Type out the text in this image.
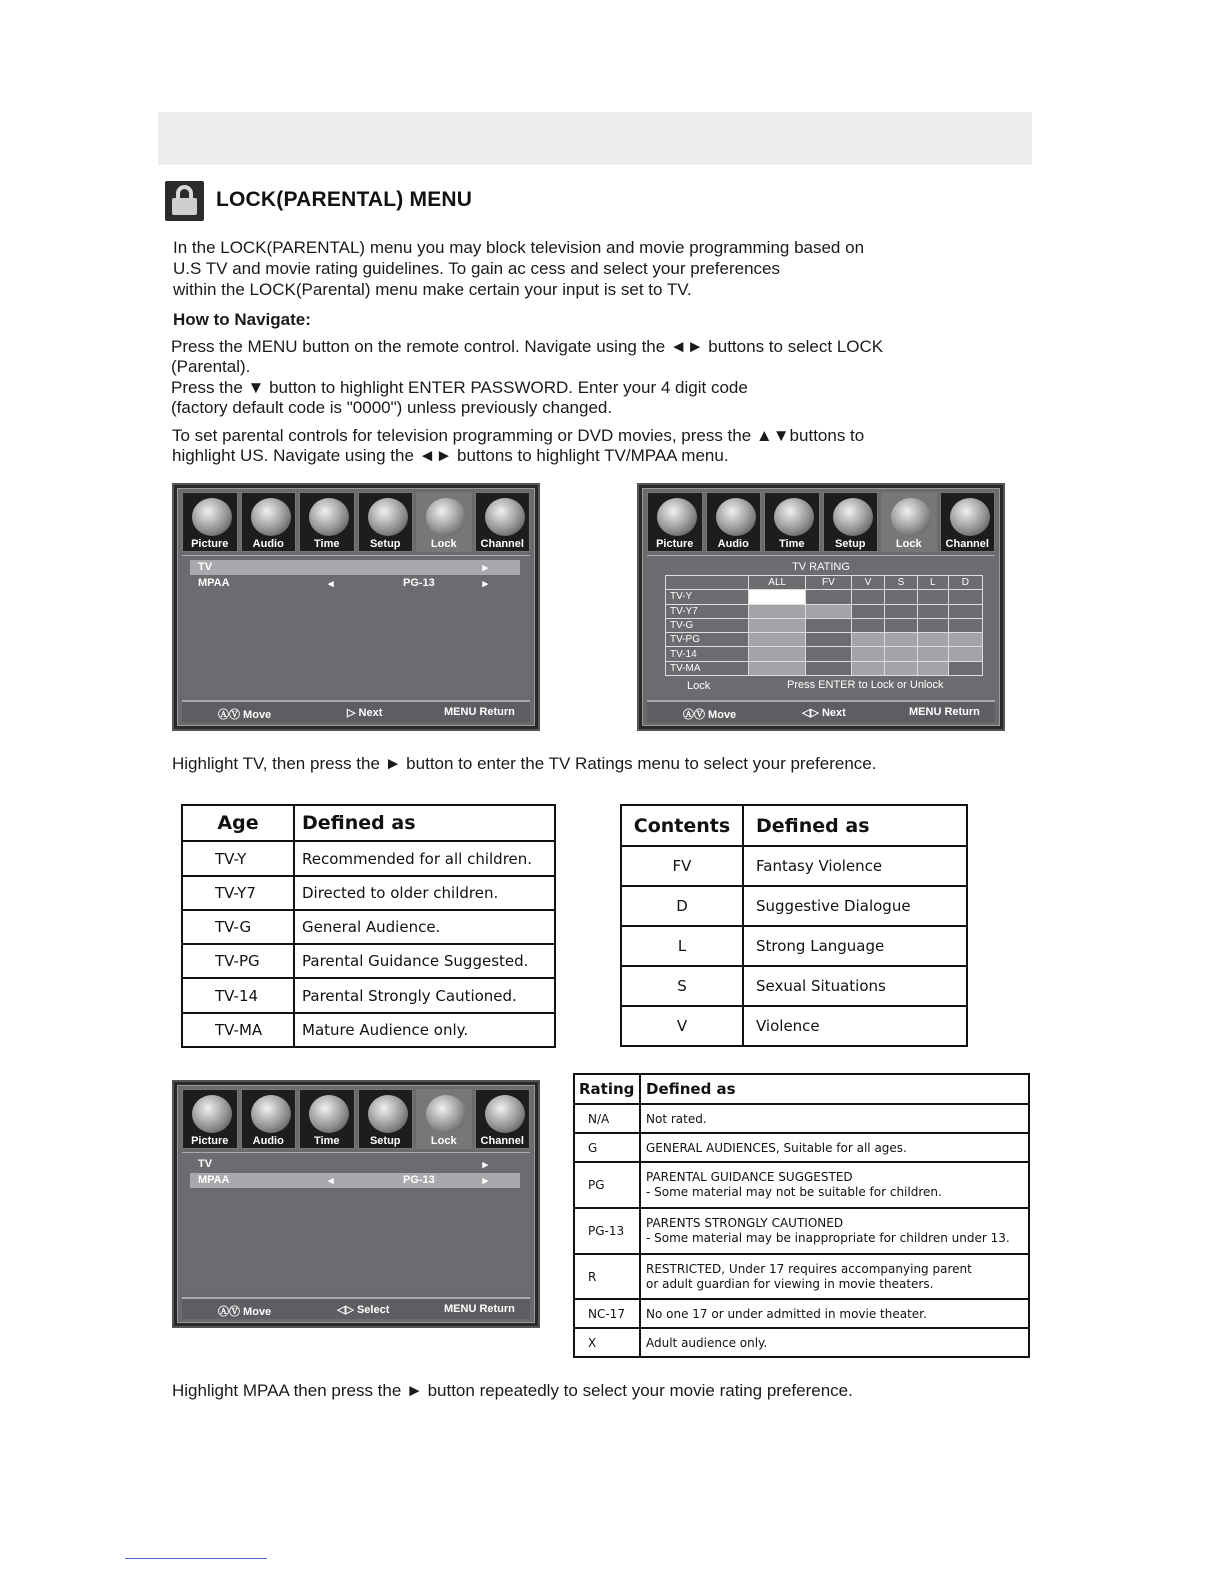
LOCK(PARENTAL) MENU
In the LOCK(PARENTAL) menu you may block television and movie programming based on
U.S TV and movie rating guidelines. To gain ac cess and select your preferences
within the LOCK(Parental) menu make certain your input is set to TV.
How to Navigate:
Press the MENU button on the remote control. Navigate using the ◄► buttons to select LOCK
(Parental).
Press the ▼ button to highlight ENTER PASSWORD. Enter your 4 digit code
(factory default code is "0000") unless previously changed.
To set parental controls for television programming or DVD movies, press the ▲▼buttons to
highlight US. Navigate using the ◄► buttons to highlight TV/MPAA menu.
Picture	Audio	Time	Setup	Lock	Channel
TV	▸
MPAA	◂	PG-13	▸
ⒶⓋ Move	▷ Next	MENU Return
Picture	Audio	Time	Setup	Lock	Channel
TV RATING
	ALL	FV	V	S	L	D
TV-Y						
TV-Y7						
TV-G						
TV-PG						
TV-14						
TV-MA						
Lock	Press ENTER to Lock or Unlock
ⒶⓋ Move	◁▷ Next	MENU Return
Highlight TV, then press the ► button to enter the TV Ratings menu to select your preference.
Age	Defined as
TV-Y	Recommended for all children.
TV-Y7	Directed to older children.
TV-G	General Audience.
TV-PG	Parental Guidance Suggested.
TV-14	Parental Strongly Cautioned.
TV-MA	Mature Audience only.
Contents	Defined as
FV	Fantasy Violence
D	Suggestive Dialogue
L	Strong Language
S	Sexual Situations
V	Violence
Picture	Audio	Time	Setup	Lock	Channel
TV	▸
MPAA	◂	PG-13	▸
ⒶⓋ Move	◁▷ Select	MENU Return
Rating	Defined as
N/A	Not rated.
G	GENERAL AUDIENCES, Suitable for all ages.
PG	PARENTAL GUIDANCE SUGGESTED
- Some material may not be suitable for children.
PG-13	PARENTS STRONGLY CAUTIONED
- Some material may be inappropriate for children under 13.
R	RESTRICTED, Under 17 requires accompanying parent
or adult guardian for viewing in movie theaters.
NC-17	No one 17 or under admitted in movie theater.
X	Adult audience only.
Highlight MPAA then press the ► button repeatedly to select your movie rating preference.
